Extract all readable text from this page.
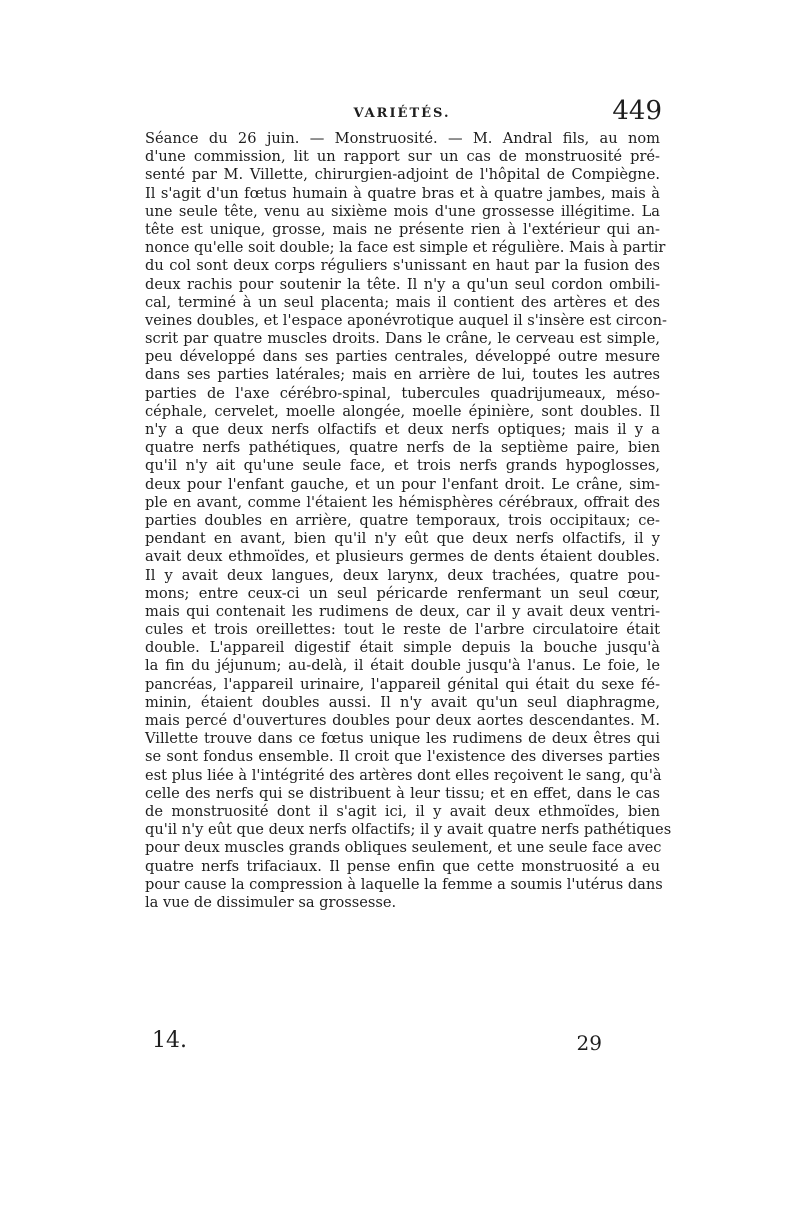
VARIÉTÉS.	449
Séance du 26 juin. — Monstruosité. — M. Andral fils, au nom
d'une commission, lit un rapport sur un cas de monstruosité pré-
senté par M. Villette, chirurgien-adjoint de l'hôpital de Compiègne.
Il s'agit d'un fœtus humain à quatre bras et à quatre jambes, mais à
une seule tête, venu au sixième mois d'une grossesse illégitime. La
tête est unique, grosse, mais ne présente rien à l'extérieur qui an-
nonce qu'elle soit double; la face est simple et régulière. Mais à partir
du col sont deux corps réguliers s'unissant en haut par la fusion des
deux rachis pour soutenir la tête. Il n'y a qu'un seul cordon ombili-
cal, terminé à un seul placenta; mais il contient des artères et des
veines doubles, et l'espace aponévrotique auquel il s'insère est circon-
scrit par quatre muscles droits. Dans le crâne, le cerveau est simple,
peu développé dans ses parties centrales, développé outre mesure
dans ses parties latérales; mais en arrière de lui, toutes les autres
parties de l'axe cérébro-spinal, tubercules quadrijumeaux, méso-
céphale, cervelet, moelle alongée, moelle épinière, sont doubles. Il
n'y a que deux nerfs olfactifs et deux nerfs optiques; mais il y a
quatre nerfs pathétiques, quatre nerfs de la septième paire, bien
qu'il n'y ait qu'une seule face, et trois nerfs grands hypoglosses,
deux pour l'enfant gauche, et un pour l'enfant droit. Le crâne, sim-
ple en avant, comme l'étaient les hémisphères cérébraux, offrait des
parties doubles en arrière, quatre temporaux, trois occipitaux; ce-
pendant en avant, bien qu'il n'y eût que deux nerfs olfactifs, il y
avait deux ethmoïdes, et plusieurs germes de dents étaient doubles.
Il y avait deux langues, deux larynx, deux trachées, quatre pou-
mons; entre ceux-ci un seul péricarde renfermant un seul cœur,
mais qui contenait les rudimens de deux, car il y avait deux ventri-
cules et trois oreillettes: tout le reste de l'arbre circulatoire était
double. L'appareil digestif était simple depuis la bouche jusqu'à
la fin du jéjunum; au-delà, il était double jusqu'à l'anus. Le foie, le
pancréas, l'appareil urinaire, l'appareil génital qui était du sexe fé-
minin, étaient doubles aussi. Il n'y avait qu'un seul diaphragme,
mais percé d'ouvertures doubles pour deux aortes descendantes. M.
Villette trouve dans ce fœtus unique les rudimens de deux êtres qui
se sont fondus ensemble. Il croit que l'existence des diverses parties
est plus liée à l'intégrité des artères dont elles reçoivent le sang, qu'à
celle des nerfs qui se distribuent à leur tissu; et en effet, dans le cas
de monstruosité dont il s'agit ici, il y avait deux ethmoïdes, bien
qu'il n'y eût que deux nerfs olfactifs; il y avait quatre nerfs pathétiques
pour deux muscles grands obliques seulement, et une seule face avec
quatre nerfs trifaciaux. Il pense enfin que cette monstruosité a eu
pour cause la compression à laquelle la femme a soumis l'utérus dans
la vue de dissimuler sa grossesse.
14.	29
